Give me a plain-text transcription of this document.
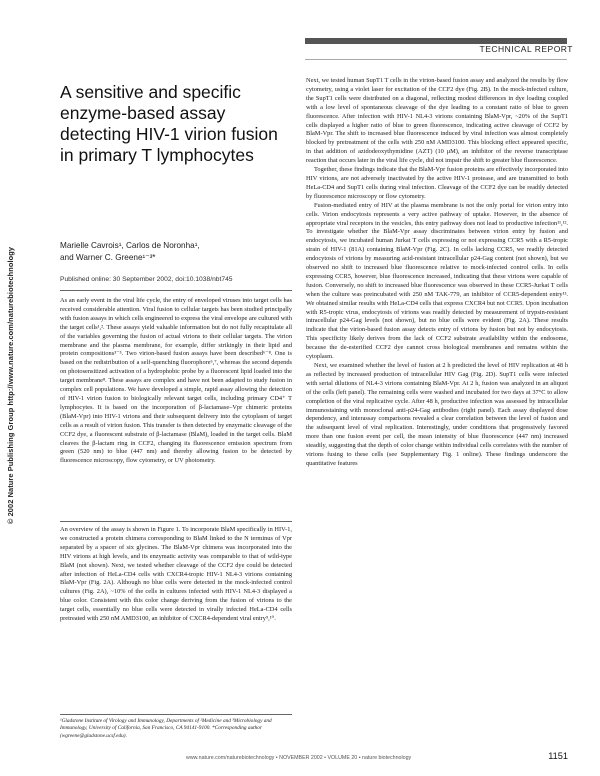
© 2002 Nature Publishing Group http://www.nature.com/naturebiotechnology
TECHNICAL REPORT
A sensitive and specific enzyme-based assay detecting HIV-1 virion fusion in primary T lymphocytes
Marielle Cavrois¹, Carlos de Noronha¹,
and Warner C. Greene¹⁻³*
Published online: 30 September 2002, doi:10.1038/nbt745

As an early event in the viral life cycle, the entry of enveloped viruses into target cells has received considerable attention. Viral fusion to cellular targets has been studied principally with fusion assays in which cells engineered to express the viral envelope are cultured with the target cells¹,². These assays yield valuable information but do not fully recapitulate all of the variables governing the fusion of actual virions to their cellular targets. The virion membrane and the plasma membrane, for example, differ strikingly in their lipid and protein compositions³⁻⁵. Two virion-based fusion assays have been described⁶⁻⁸. One is based on the redistribution of a self-quenching fluorophore⁶,⁷, whereas the second depends on photosensitized activation of a hydrophobic probe by a fluorescent lipid loaded into the target membrane⁸. These assays are complex and have not been adapted to study fusion in complex cell populations. We have developed a simple, rapid assay allowing the detection of HIV-1 virion fusion to biologically relevant target cells, including primary CD4⁺ T lymphocytes. It is based on the incorporation of β-lactamase–Vpr chimeric proteins (BlaM-Vpr) into HIV-1 virions and their subsequent delivery into the cytoplasm of target cells as a result of virion fusion. This transfer is then detected by enzymatic cleavage of the CCF2 dye, a fluorescent substrate of β-lactamase (BlaM), loaded in the target cells. BlaM cleaves the β-lactam ring in CCF2, changing its fluorescence emission spectrum from green (520 nm) to blue (447 nm) and thereby allowing fusion to be detected by fluorescence microscopy, flow cytometry, or UV photometry.

An overview of the assay is shown in Figure 1. To incorporate BlaM specifically in HIV-1, we constructed a protein chimera corresponding to BlaM linked to the N terminus of Vpr separated by a spacer of six glycines. The BlaM-Vpr chimera was incorporated into the HIV virions at high levels, and its enzymatic activity was comparable to that of wild-type BlaM (not shown). Next, we tested whether cleavage of the CCF2 dye could be detected after infection of HeLa-CD4 cells with CXCR4-tropic HIV-1 NL4-3 virions containing BlaM-Vpr (Fig. 2A). Although no blue cells were detected in the mock-infected control cultures (Fig. 2A), ~10% of the cells in cultures infected with HIV-1 NL4-3 displayed a blue color. Consistent with this color change deriving from the fusion of virions to the target cells, essentially no blue cells were detected in virally infected HeLa-CD4 cells pretreated with 250 nM AMD3100, an inhibitor of CXCR4-dependent viral entry⁹,¹⁰.

¹Gladstone Institute of Virology and Immunology, Departments of ²Medicine and ³Microbiology and Immunology, University of California, San Francisco, CA 94141-9100. *Corresponding author (wgreene@gladstone.ucsf.edu).

Next, we tested human SupT1 T cells in the virion-based fusion assay and analyzed the results by flow cytometry, using a violet laser for excitation of the CCF2 dye (Fig. 2B). In the mock-infected culture, the SupT1 cells were distributed on a diagonal, reflecting modest differences in dye loading coupled with a low level of spontaneous cleavage of the dye leading to a constant ratio of blue to green fluorescence. After infection with HIV-1 NL4-3 virions containing BlaM-Vpr, ~20% of the SupT1 cells displayed a higher ratio of blue to green fluorescence, indicating active cleavage of CCF2 by BlaM-Vpr. The shift to increased blue fluorescence induced by viral infection was almost completely blocked by pretreatment of the cells with 250 nM AMD3100. This blocking effect appeared specific, in that addition of azidodeoxythymidine (AZT) (10 μM), an inhibitor of the reverse transcriptase reaction that occurs later in the viral life cycle, did not impair the shift to greater blue fluorescence.

Together, these findings indicate that the BlaM-Vpr fusion proteins are effectively incorporated into HIV virions, are not adversely inactivated by the active HIV-1 protease, and are transmitted to both HeLa-CD4 and SupT1 cells during viral infection. Cleavage of the CCF2 dye can be readily detected by fluorescence microscopy or flow cytometry.

Fusion-mediated entry of HIV at the plasma membrane is not the only portal for virion entry into cells. Virion endocytosis represents a very active pathway of uptake. However, in the absence of appropriate viral receptors in the vesicles, this entry pathway does not lead to productive infection¹¹,¹². To investigate whether the BlaM-Vpr assay discriminates between virion entry by fusion and endocytosis, we incubated human Jurkat T cells expressing or not expressing CCR5 with a R5-tropic strain of HIV-1 (81A) containing BlaM-Vpr (Fig. 2C). In cells lacking CCR5, we readily detected endocytosis of virions by measuring acid-resistant intracellular p24-Gag content (not shown), but we observed no shift to increased blue fluorescence relative to mock-infected control cells. In cells expressing CCR5, however, blue fluorescence increased, indicating that these virions were capable of fusion. Conversely, no shift to increased blue fluorescence was observed in these CCR5-Jurkat T cells when the culture was preincubated with 250 nM TAK-779, an inhibitor of CCR5-dependent entry¹³. We obtained similar results with HeLa-CD4 cells that express CXCR4 but not CCR5. Upon incubation with R5-tropic virus, endocytosis of virions was readily detected by measurement of trypsin-resistant intracellular p24-Gag levels (not shown), but no blue cells were evident (Fig. 2A). These results indicate that the virion-based fusion assay detects entry of virions by fusion but not by endocytosis. This specificity likely derives from the lack of CCF2 substrate availability within the endosome, because the de-esterified CCF2 dye cannot cross biological membranes and remains within the cytoplasm.

Next, we examined whether the level of fusion at 2 h predicted the level of HIV replication at 48 h as reflected by increased production of intracellular HIV Gag (Fig. 2D). SupT1 cells were infected with serial dilutions of NL4-3 virions containing BlaM-Vpr. At 2 h, fusion was analyzed in an aliquot of the cells (left panel). The remaining cells were washed and incubated for two days at 37°C to allow completion of the viral replicative cycle. After 48 h, productive infection was assessed by intracellular immunostaining with monoclonal anti-p24-Gag antibodies (right panel). Each assay displayed dose dependency, and interassay comparisons revealed a clear correlation between the level of fusion and the subsequent level of viral replication. Interestingly, under conditions that progressively favored more than one fusion event per cell, the mean intensity of blue fluorescence (447 nm) increased steadily, suggesting that the depth of color change within individual cells correlates with the number of virions fusing to these cells (see Supplementary Fig. 1 online). These findings underscore the quantitative features

www.nature.com/naturebiotechnology • NOVEMBER 2002 • VOLUME 20 • nature biotechnology	1151
